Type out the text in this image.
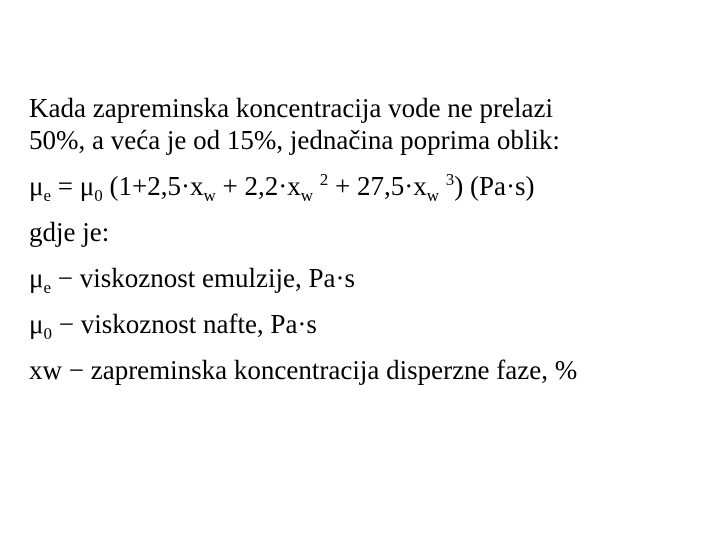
Kada zapreminska koncentracija vode ne prelazi
50%, a veća je od 15%, jednačina poprima oblik:
$\mu_e = \mu_0$ ($1+2,5\cdot x_w + 2,2\cdot x_w$ $^2 + 27,5\cdot x_w$ $^3$) (Pa·s)
gdje je:
$\mu_e$ − viskoznost emulzije, Pa·s
$\mu_0$ − viskoznost nafte, Pa·s
xw − zapreminska koncentracija disperzne faze, %
